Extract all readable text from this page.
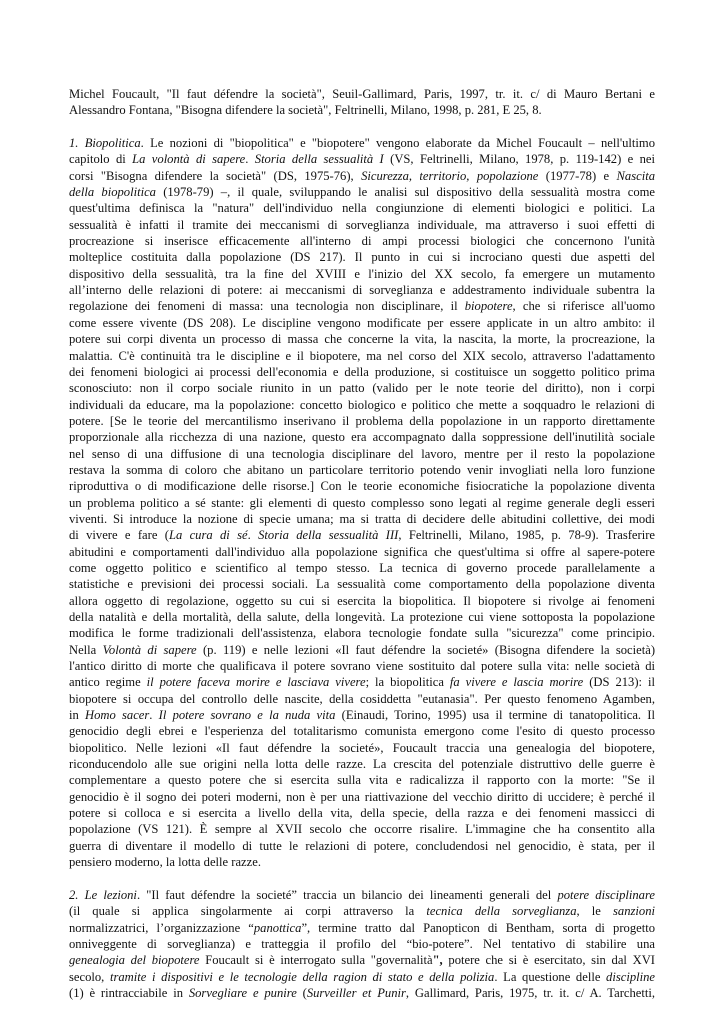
Michel Foucault, "Il faut défendre la società", Seuil-Gallimard, Paris, 1997, tr. it. c/ di Mauro Bertani e
Alessandro Fontana, "Bisogna difendere la società", Feltrinelli, Milano, 1998, p. 281, E 25, 8.

1. Biopolitica. Le nozioni di "biopolitica" e "biopotere" vengono elaborate da Michel Foucault – nell'ultimo
capitolo di La volontà di sapere. Storia della sessualità I (VS, Feltrinelli, Milano, 1978, p. 119-142) e nei
corsi "Bisogna difendere la società" (DS, 1975-76), Sicurezza, territorio, popolazione (1977-78) e Nascita
della biopolitica (1978-79) –, il quale, sviluppando le analisi sul dispositivo della sessualità mostra come
quest'ultima definisca la "natura" dell'individuo nella congiunzione di elementi biologici e politici. La
sessualità è infatti il tramite dei meccanismi di sorveglianza individuale, ma attraverso i suoi effetti di
procreazione si inserisce efficacemente all'interno di ampi processi biologici che concernono l'unità
molteplice costituita dalla popolazione (DS 217). Il punto in cui si incrociano questi due aspetti del
dispositivo della sessualità, tra la fine del XVIII e l'inizio del XX secolo, fa emergere un mutamento
all’interno delle relazioni di potere: ai meccanismi di sorveglianza e addestramento individuale subentra la
regolazione dei fenomeni di massa: una tecnologia non disciplinare, il biopotere, che si riferisce all'uomo
come essere vivente (DS 208). Le discipline vengono modificate per essere applicate in un altro ambito: il
potere sui corpi diventa un processo di massa che concerne la vita, la nascita, la morte, la procreazione, la
malattia. C'è continuità tra le discipline e il biopotere, ma nel corso del XIX secolo, attraverso l'adattamento
dei fenomeni biologici ai processi dell'economia e della produzione, si costituisce un soggetto politico prima
sconosciuto: non il corpo sociale riunito in un patto (valido per le note teorie del diritto), non i corpi
individuali da educare, ma la popolazione: concetto biologico e politico che mette a soqquadro le relazioni di
potere. [Se le teorie del mercantilismo inserivano il problema della popolazione in un rapporto direttamente
proporzionale alla ricchezza di una nazione, questo era accompagnato dalla soppressione dell'inutilità sociale
nel senso di una diffusione di una tecnologia disciplinare del lavoro, mentre per il resto la popolazione
restava la somma di coloro che abitano un particolare territorio potendo venir invogliati nella loro funzione
riproduttiva o di modificazione delle risorse.] Con le teorie economiche fisiocratiche la popolazione diventa
un problema politico a sé stante: gli elementi di questo complesso sono legati al regime generale degli esseri
viventi. Si introduce la nozione di specie umana; ma si tratta di decidere delle abitudini collettive, dei modi
di vivere e fare (La cura di sé. Storia della sessualità III, Feltrinelli, Milano, 1985, p. 78-9). Trasferire
abitudini e comportamenti dall'individuo alla popolazione significa che quest'ultima si offre al sapere-potere
come oggetto politico e scientifico al tempo stesso. La tecnica di governo procede parallelamente a
statistiche e previsioni dei processi sociali. La sessualità come comportamento della popolazione diventa
allora oggetto di regolazione, oggetto su cui si esercita la biopolitica. Il biopotere si rivolge ai fenomeni
della natalità e della mortalità, della salute, della longevità. La protezione cui viene sottoposta la popolazione
modifica le forme tradizionali dell'assistenza, elabora tecnologie fondate sulla "sicurezza" come principio.
Nella Volontà di sapere (p. 119) e nelle lezioni «Il faut défendre la societé» (Bisogna difendere la società)
l'antico diritto di morte che qualificava il potere sovrano viene sostituito dal potere sulla vita: nelle società di
antico regime il potere faceva morire e lasciava vivere; la biopolitica fa vivere e lascia morire (DS 213): il
biopotere si occupa del controllo delle nascite, della cosiddetta "eutanasia". Per questo fenomeno Agamben,
in Homo sacer. Il potere sovrano e la nuda vita (Einaudi, Torino, 1995) usa il termine di tanatopolitica. Il
genocidio degli ebrei e l'esperienza del totalitarismo comunista emergono come l'esito di questo processo
biopolitico. Nelle lezioni «Il faut défendre la societé», Foucault traccia una genealogia del biopotere,
riconducendolo alle sue origini nella lotta delle razze. La crescita del potenziale distruttivo delle guerre è
complementare a questo potere che si esercita sulla vita e radicalizza il rapporto con la morte: "Se il
genocidio è il sogno dei poteri moderni, non è per una riattivazione del vecchio diritto di uccidere; è perché il
potere si colloca e si esercita a livello della vita, della specie, della razza e dei fenomeni massicci di
popolazione (VS 121). È sempre al XVII secolo che occorre risalire. L'immagine che ha consentito alla
guerra di diventare il modello di tutte le relazioni di potere, concludendosi nel genocidio, è stata, per il
pensiero moderno, la lotta delle razze.

2. Le lezioni. "Il faut défendre la societé” traccia un bilancio dei lineamenti generali del potere disciplinare
(il quale si applica singolarmente ai corpi attraverso la tecnica della sorveglianza, le sanzioni
normalizzatrici, l’organizzazione “panottica”, termine tratto dal Panopticon di Bentham, sorta di progetto
onniveggente di sorveglianza) e tratteggia il profilo del “bio-potere”. Nel tentativo di stabilire una
genealogia del biopotere Foucault si è interrogato sulla "governalità", potere che si è esercitato, sin dal XVI
secolo, tramite i dispositivi e le tecnologie della ragion di stato e della polizia. La questione delle discipline
(1) è rintracciabile in Sorvegliare e punire (Surveiller et Punir, Gallimard, Paris, 1975, tr. it. c/ A. Tarchetti,
